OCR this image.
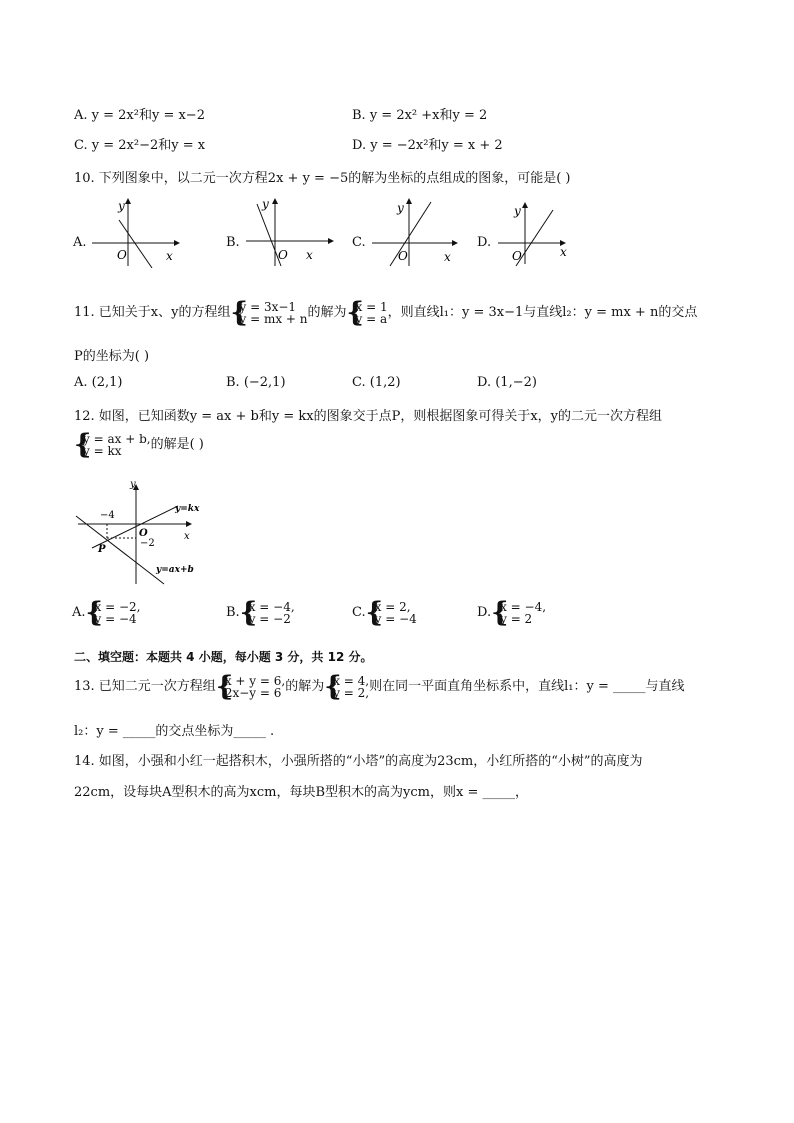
A. y = 2x²和y = x−2	B. y = 2x² +x和y = 2
C. y = 2x²−2和y = x	D. y = −2x²和y = x + 2
10. 下列图象中，以二元一次方程2x + y = −5的解为坐标的点组成的图象，可能是( )
A.
y
O	x
B.
y
O x
C.
y
O	x
D.
y
O	x
11. 已知关于x、y的方程组 {
y = 3x−1
y = mx + n 的解为 {
x = 1
y = a ，则直线l₁：y = 3x−1与直线l₂：y = mx + n的交点
P的坐标为( )
A. (2,1)	B. (−2,1)	C. (1,2)	D. (1,−2)
12. 如图，已知函数y = ax + b和y = kx的图象交于点P，则根据图象可得关于x，y的二元一次方程组
{
y = ax + b,
y = kx	的解是( )
y
x
O
−4
−2
P
y=kx
y=ax+b
A. {
x = −2,
y = −4	B. {
x = −4,
y = −2	C. {
x = 2,
y = −4	D. {
x = −4,
y = 2
二、填空题：本题共 4 小题，每小题 3 分，共 12 分。
13. 已知二元一次方程组 {
x + y = 6,
2x−y = 6 的解为 {
x = 4,
y = 2, 则在同一平面直角坐标系中，直线l₁：y = _____与直线
l₂：y = _____的交点坐标为_____ .
14. 如图，小强和小红一起搭积木，小强所搭的“小塔”的高度为23cm，小红所搭的“小树”的高度为
22cm，设每块A型积木的高为xcm，每块B型积木的高为ycm，则x = _____，
